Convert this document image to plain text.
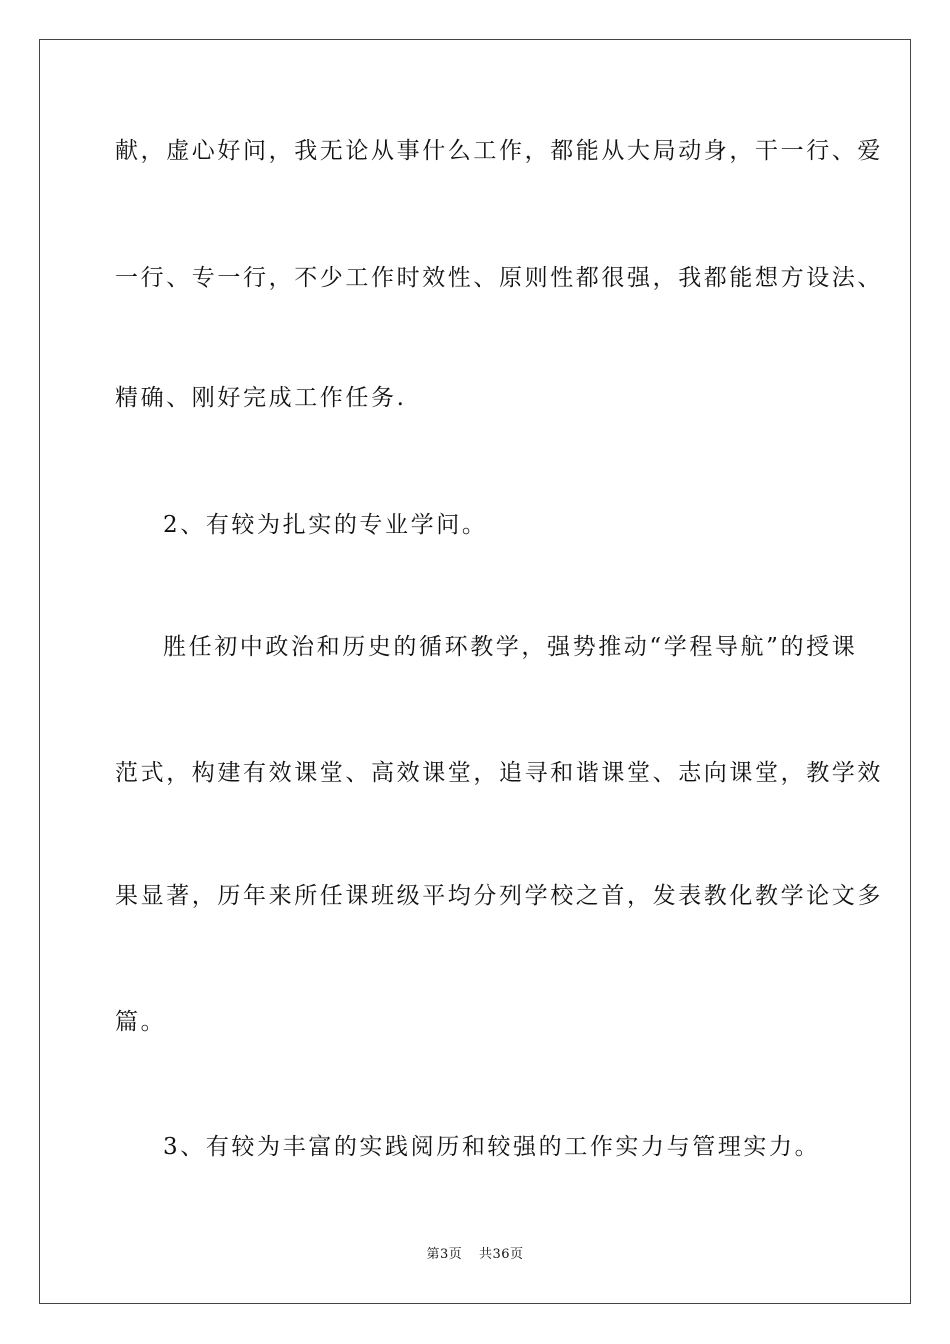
献，虚心好问，我无论从事什么工作，都能从大局动身，干一行、爱
一行、专一行，不少工作时效性、原则性都很强，我都能想方设法、
精确、刚好完成工作任务.
2、有较为扎实的专业学问。
胜任初中政治和历史的循环教学，强势推动“学程导航”的授课
范式，构建有效课堂、高效课堂，追寻和谐课堂、志向课堂，教学效
果显著，历年来所任课班级平均分列学校之首，发表教化教学论文多
篇。
3、有较为丰富的实践阅历和较强的工作实力与管理实力。
第3页 共36页
